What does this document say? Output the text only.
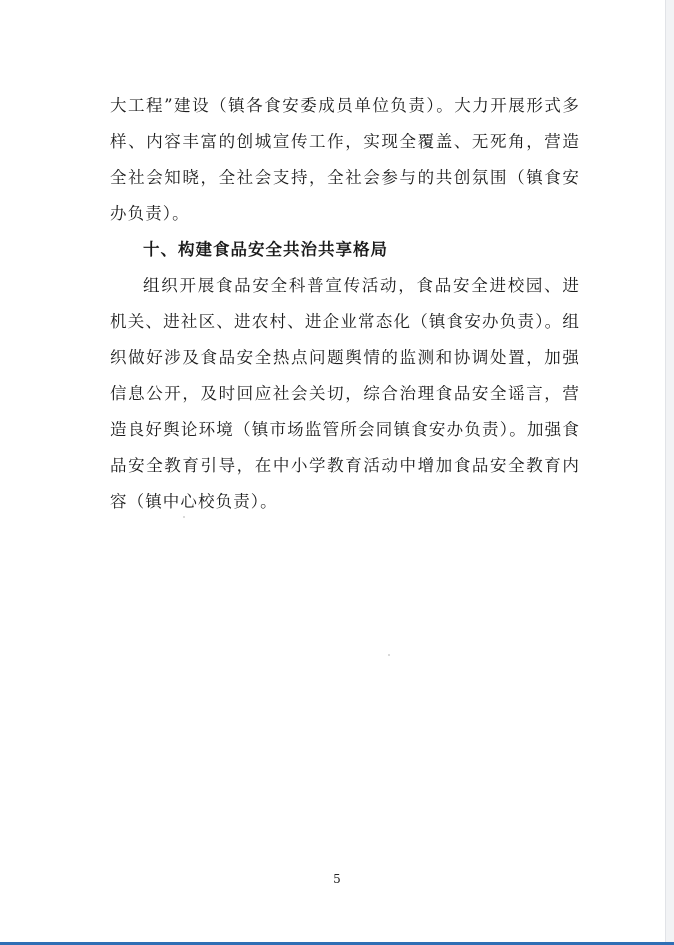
大工程”建设（镇各食安委成员单位负责）。大力开展形式多样、内容丰富的创城宣传工作，实现全覆盖、无死角，营造全社会知晓，全社会支持，全社会参与的共创氛围（镇食安办负责）。

十、构建食品安全共治共享格局

组织开展食品安全科普宣传活动，食品安全进校园、进机关、进社区、进农村、进企业常态化（镇食安办负责）。组织做好涉及食品安全热点问题舆情的监测和协调处置，加强信息公开，及时回应社会关切，综合治理食品安全谣言，营造良好舆论环境（镇市场监管所会同镇食安办负责）。加强食品安全教育引导，在中小学教育活动中增加食品安全教育内容（镇中心校负责）。

5
